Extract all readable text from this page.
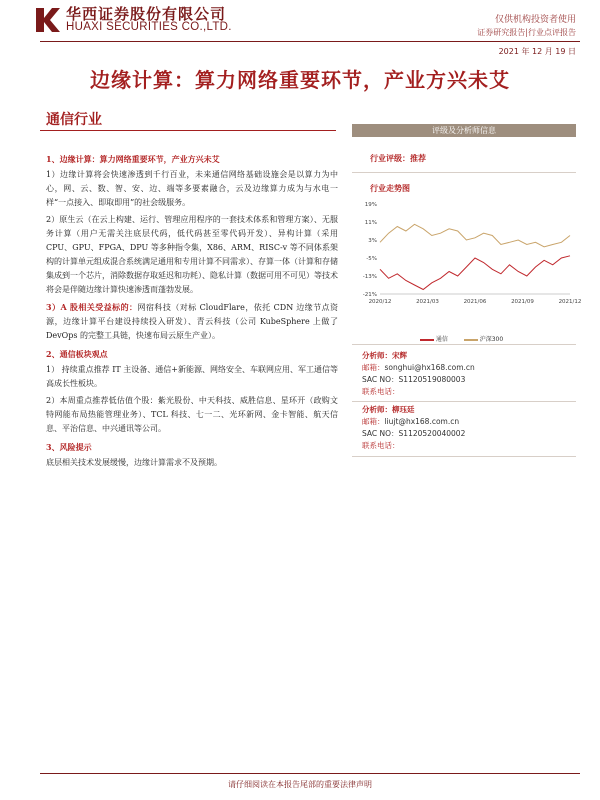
华西证券股份有限公司
HUAXI SECURITIES CO.,LTD.
仅供机构投资者使用
证券研究报告|行业点评报告
2021 年 12 月 19 日
边缘计算：算力网络重要环节，产业方兴未艾
通信行业
1、边缘计算：算力网络重要环节，产业方兴未艾

1）边缘计算将会快速渗透到千行百业，未来通信网络基础设施会是以算力为中心，网、云、数、智、安、边、端等多要素融合，云及边缘算力成为与水电一样“一点接入、即取即用”的社会级服务。

2）原生云（在云上构建、运行、管理应用程序的一套技术体系和管理方案）、无服务计算（用户无需关注底层代码，低代码甚至零代码开发）、异构计算（采用 CPU、GPU、FPGA、DPU 等多种指令集，X86、ARM、RISC-v 等不同体系架构的计算单元组成混合系统满足通用和专用计算不同需求）、存算一体（计算和存储集成到一个芯片，消除数据存取延迟和功耗）、隐私计算（数据可用不可见）等技术将会是伴随边缘计算快速渗透而蓬勃发展。

3）A 股相关受益标的：网宿科技（对标 CloudFlare，依托 CDN 边缘节点资源，边缘计算平台建设持续投入研发）、青云科技（公司 KubeSphere 上做了 DevOps 的完整工具链，快速布局云原生产业）。

2、通信板块观点

1） 持续重点推荐 IT 主设备、通信+新能源、网络安全、车联网应用、军工通信等高成长性板块。

2）本周重点推荐低估值个股：紫光股份、中天科技、威胜信息、星环开（政购文特网能布局热能管理业务）、TCL 科技、七一二、光环新网、金卡智能、航天信息、平治信息、中兴通讯等公司。

3、风险提示

底层相关技术发展缓慢，边缘计算需求不及预期。

评级及分析师信息
行业评级：推荐
行业走势图
19%
11%
3%
-5%
-13%
-21%
2020/12	2021/03	2021/06	2021/09	2021/12
通信	沪深300
分析师：宋辉
邮箱：songhui@hx168.com.cn
SAC NO：S1120519080003
联系电话：
分析师：柳珏廷
邮箱：liujt@hx168.com.cn
SAC NO：S1120520040002
联系电话：
请仔细阅读在本报告尾部的重要法律声明
